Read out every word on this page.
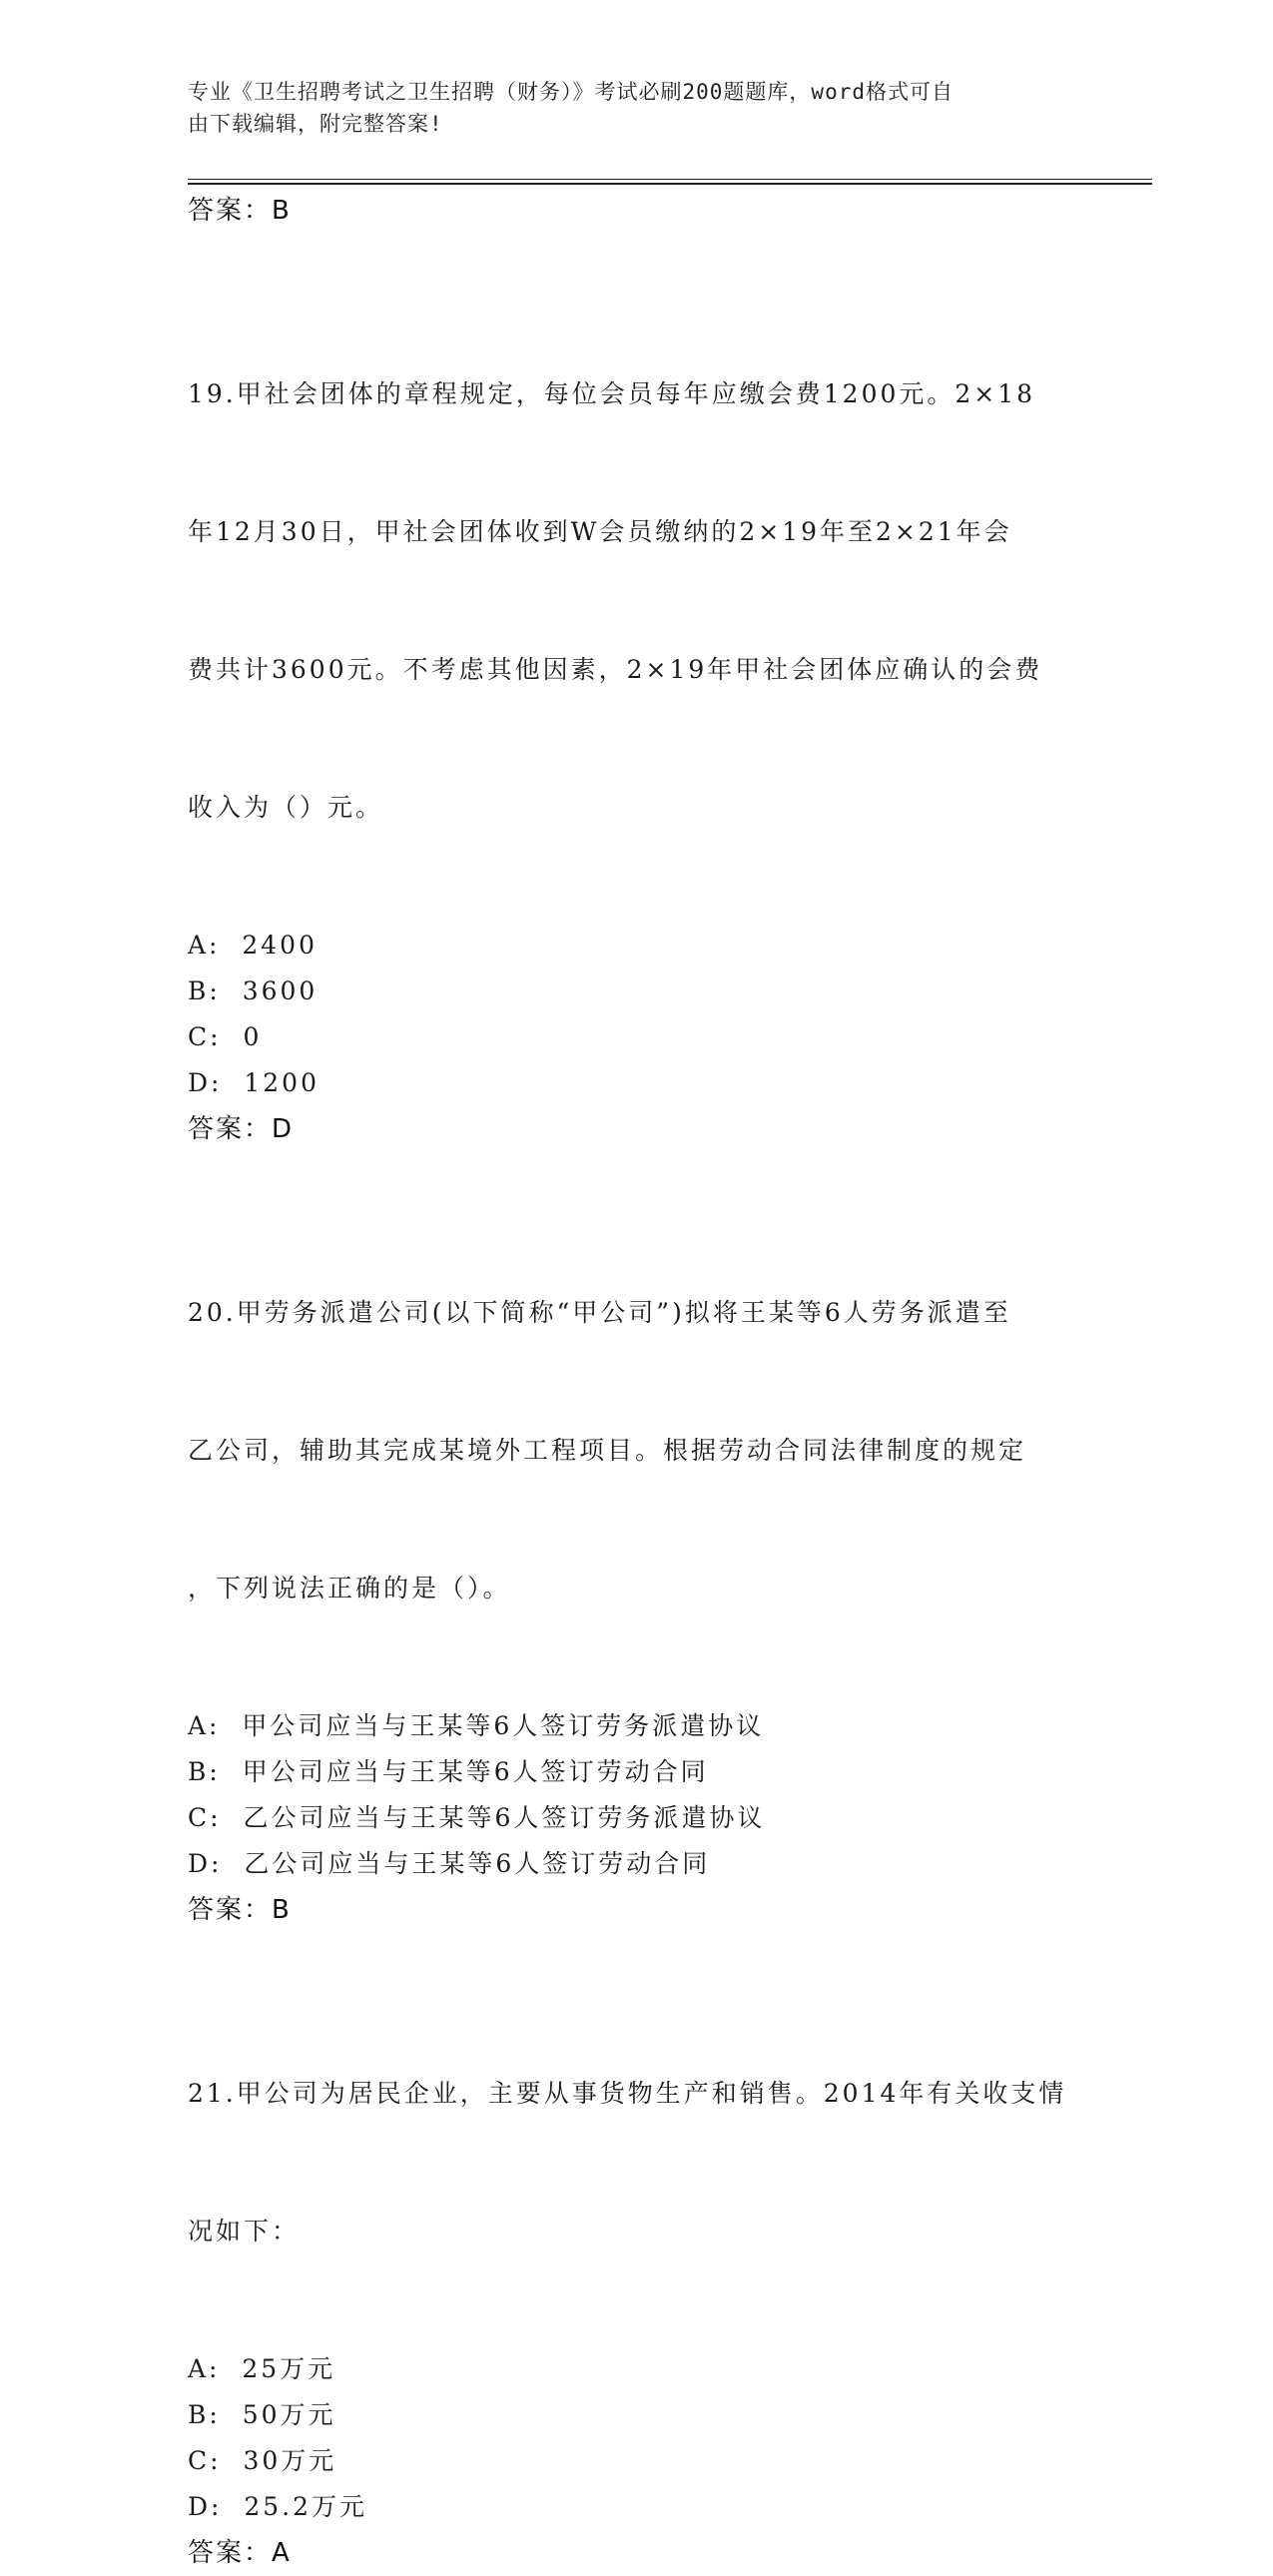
专业《卫生招聘考试之卫生招聘（财务）》考试必刷200题题库，word格式可自
由下载编辑，附完整答案!
答案：B

19.甲社会团体的章程规定，每位会员每年应缴会费1200元。2×18

年12月30日，甲社会团体收到W会员缴纳的2×19年至2×21年会

费共计3600元。不考虑其他因素，2×19年甲社会团体应确认的会费

收入为（）元。

A:  2400
B:  3600
C:  0
D:  1200
答案：D

20.甲劳务派遣公司(以下简称“甲公司”)拟将王某等6人劳务派遣至

乙公司，辅助其完成某境外工程项目。根据劳动合同法律制度的规定

，下列说法正确的是（）。

A:  甲公司应当与王某等6人签订劳务派遣协议
B:  甲公司应当与王某等6人签订劳动合同
C:  乙公司应当与王某等6人签订劳务派遣协议
D:  乙公司应当与王某等6人签订劳动合同
答案：B

21.甲公司为居民企业，主要从事货物生产和销售。2014年有关收支情

况如下：

A:  25万元
B:  50万元
C:  30万元
D:  25.2万元
答案：A
